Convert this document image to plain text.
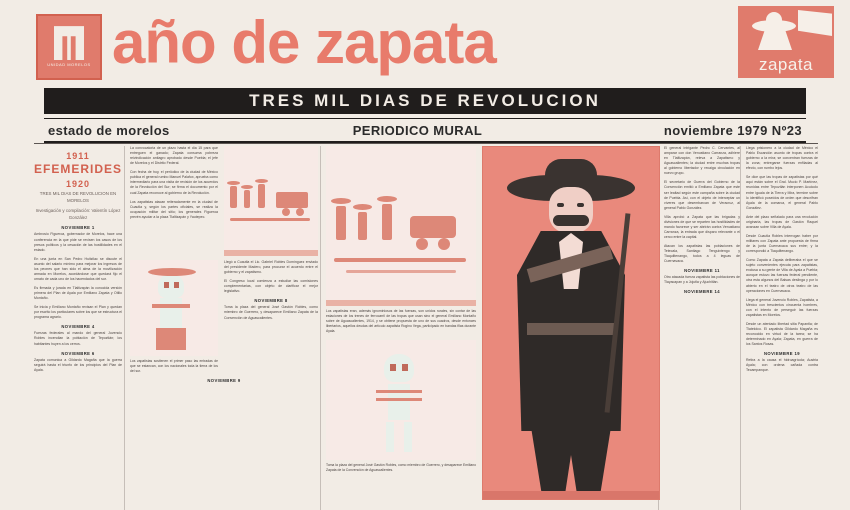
UNIDAD MORELOS año de zapata	zapata
TRES MIL DIAS DE REVOLUCION
estado de morelos	PERIODICO MURAL	noviembre 1979 Nº23
1911 EFEMERIDES 1920
TRES MIL DIAS DE REVOLUCION EN MORELOS
Investigación y compilación: Valentín López González
NOVIEMBRE 1
Ambrosio Figueroa, gobernador de Morelos, hace una conferencia en la que pide se revisen los casos de los presos políticos y la cesación de las hostilidades en el estado.
En una junta en San Pedro Huitzilac se discute el asunto del salario mínimo para mejorar los ingresos de los peones que han sido el alma de la movilización armada en Morelos, acordándose que quedará fijo el ornato de cada uno de los hacendados del sur.
Es firmada y jurada en Tlaltizapán la conocida versión primera del Plan de Ayala por Emiliano Zapata y Otilio Montaño.
Se inicia y Emiliano Montaño revisan el Plan y quedan por escrito los particulares sobre los que se estructura el programa agrario.
NOVIEMBRE 4
Fuerzas federales al mando del general Juvencio Robles incendian la población de Tepoztlán; los habitantes huyen a los cerros.
NOVIEMBRE 6
Zapata comunica a Gildardo Magaña que la guerra seguirá hasta el triunfo de los principios del Plan de Ayala.
La convocatoria de un plazo hasta el día 15 para que entreguen el ganado; Zapata consuma pobreza reivindicación antiagro aprobado desde Puebla; el jefe de Morelos y el Distrito Federal.
Con fecha de hoy, el periódico de la ciudad de México publica el general rumbo Manuel Palafox, aprueba como intermediario para una visita de revisión de los acuerdos de la Revolución del Sur; se firma el documento por el cual Zapata reconoce al gobierno de la Revolución.
Los zapatistas atacan reiteradamente en la ciudad de Cuautla y, según los partes oficiales, se realiza la ocupación militar del sitio; los generales Figueroa prevén ayudar a la plaza Tlaltizapán y Yautepec.
Los zapatistas sostienen el primer paso las entradas de que se estancan, con los nacionales toda la tierra de los del sur.
Llegó a Cuautla el Lic. Gabriel Robles Domínguez enviado del presidente Madero, para procurar el acuerdo entre el gobierno y el zapatismo.
El Congreso local comienza a estudiar las comisiones complementarias, con objeto de clarificar el mejor legislativo.
NOVIEMBRE 8
Toma la plaza del general José Gastón Robles, como miembro de Guerrero, y desaparece Emiliano Zapata de la Convención de Aguascalientes.
NOVIEMBRE 9
Los zapatistas eran, además ignominiosos de las fuerzas, son unidos rurales, sin contar de las estaciones de los trenes de ferrocarril de las tropas que usan sino el general Emiliano Montaño sobre de Aguascalientes, 1914, y se obtiene propuesta de uno de sus cuadros, desde entonces libertarios, aquellos deudas del artículo zapatista Rogino Vega, participado en bandas filas durante Ayala.
Toma la plaza del general José Gastón Robles, como miembro de Guerrero, y desaparece Emiliano Zapata de la Convención de Aguascalientes.
El general intrigante Pedro C. Cervantes, al amparar con don Venustiano Carranza, adhiere en Tlaltizapán, releva a Zapatismo y Aguascalientes; la ciudad entre muchas tropas al gobierno libertador y recaiga circulación en nuevo grupo.
El secretario de Guerra del Gobierno de la Convención emitió a Emiliano Zapata que este ser lealtad según este campaña sobre la ciudad de Puebla. Así, con el objeto de interceptar un víveres que desembarcan de Veracruz, al general Pablo González.
Villa aprobó a Zapata que las brigadas y divisiones de que se reparten las hostilidades de mando favorece y ser abrirán contra Venustiano Carranza, la entrada que disparo relevante o el cerco entre la capital.
Atacan los zapatistas las poblaciones de Tetecala, Santiago Tenguixtengo y Tlaquiltenango, todos a 4 leguas de Cuernavaca.
NOVIEMBRE 11
Otro atacada fuerza zapatista las poblaciones de Tlayacapan y a Jojutla y Ajuchitlán.
NOVIEMBRE 14
Llega prisionero a la ciudad de México el Pablo Escandón asunto de tropas contra el gobierno a la mira; se concentran fuerzas de la zona; entregarse fuerzas enfiladas al efecto, con rumbo lejos.
Se dice que las tropas de zapatistas por qué aquí están sobre el Gral. Mucio P. Martínez, reunidas entre Tepoztlán interponen Acuicolo entre Iguala de la Tierra y Mira, termine sobre lo identificó poseídos de orden que descrifran Ayala de la comarca, el general Pablo González.
Ante del plazo señalado para una revolución originaria, las tropas de Gastón Raquel avanzan sobre Villa de Ayala.
Desde Cuautla Robles interrogan haber por militares con Zapata ante propuesta de firma de la junta Cuernavaca sus entre; y la correspondió a Tlaquiltenango.
Como Zapata a Zapata deliberaba el que se sujeto convenientes ejecuta para zapatistas, exclusa a su gente de Villa de Ayala a Puebla; aunque estuvo las fuerzas federal pendiente, otra esta algunos del Balsas deslinga y por lo abierto en el teatro de otros teatro de las operaciones en Cuernavaca.
Llega el general Juvencio Robles, Zapatista, a México con trescientos cincuenta hombres, con el intento de perseguir las fuerzas zapatistas en Morelos.
Desde un atentado libertad sitia Papantla; de Tlatelolco. El zapatista Gildardo Magaña es reconocido en virtud de la tarea; se ha determinado en Ayala; Zapata, en guerra de los Santos Rosas.
NOVIEMBRE 19
Retira a la causa el hidroagrícola; Austria Ayala; con ordena cañada contra Tecampanque.
